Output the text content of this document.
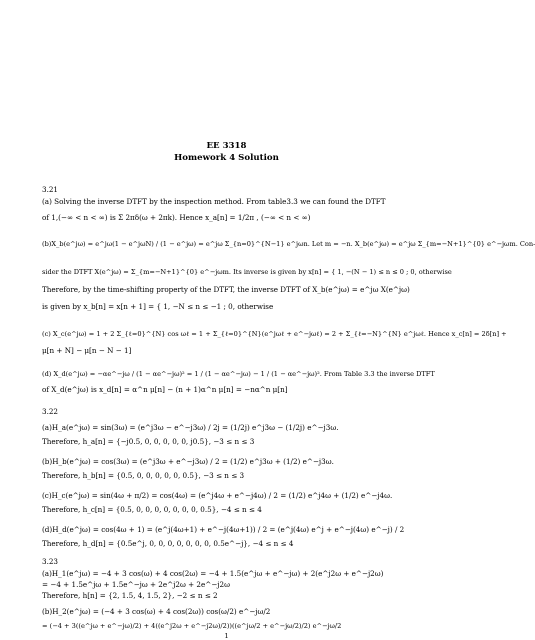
EE 3318
Homework 4 Solution
3.21
(a) Solving the inverse DTFT by the inspection method. From table3.3 we can found the DTFT
of 1,(−∞ < n < ∞) is Σ 2πδ(ω + 2πk). Hence x_a[n] = 1/2π , (−∞ < n < ∞)
(b)X_b(e^jω) = e^jω(1 − e^jωN) / (1 − e^jω) = e^jω Σ_{n=0}^{N−1} e^jωn. Let m = −n. X_b(e^jω) = e^jω Σ_{m=−N+1}^{0} e^−jωm. Con-
sider the DTFT X(e^jω) = Σ_{m=−N+1}^{0} e^−jωm. Its inverse is given by x[n] = { 1, −(N − 1) ≤ n ≤ 0 ; 0, otherwise
Therefore, by the time-shifting property of the DTFT, the inverse DTFT of X_b(e^jω) = e^jω X(e^jω)
is given by x_b[n] = x[n + 1] = { 1, −N ≤ n ≤ −1 ; 0, otherwise
(c) X_c(e^jω) = 1 + 2 Σ_{ℓ=0}^{N} cos ωℓ = 1 + Σ_{ℓ=0}^{N}(e^jωℓ + e^−jωℓ) = 2 + Σ_{ℓ=−N}^{N} e^jωℓ. Hence x_c[n] = 2δ[n] +
μ[n + N] − μ[n − N − 1]
(d) X_d(e^jω) = −αe^−jω / (1 − αe^−jω)² = 1 / (1 − αe^−jω) − 1 / (1 − αe^−jω)². From Table 3.3 the inverse DTFT
of X_d(e^jω) is x_d[n] = α^n μ[n] − (n + 1)α^n μ[n] = −nα^n μ[n]
3.22
(a)H_a(e^jω) = sin(3ω) = (e^j3ω − e^−j3ω) / 2j = (1/2j) e^j3ω − (1/2j) e^−j3ω.
Therefore, h_a[n] = {−j0.5, 0, 0, 0, 0, 0, j0.5}, −3 ≤ n ≤ 3
(b)H_b(e^jω) = cos(3ω) = (e^j3ω + e^−j3ω) / 2 = (1/2) e^j3ω + (1/2) e^−j3ω.
Therefore, h_b[n] = {0.5, 0, 0, 0, 0, 0, 0.5}, −3 ≤ n ≤ 3
(c)H_c(e^jω) = sin(4ω + π/2) = cos(4ω) = (e^j4ω + e^−j4ω) / 2 = (1/2) e^j4ω + (1/2) e^−j4ω.
Therefore, h_c[n] = {0.5, 0, 0, 0, 0, 0, 0, 0, 0.5}, −4 ≤ n ≤ 4
(d)H_d(e^jω) = cos(4ω + 1) = (e^j(4ω+1) + e^−j(4ω+1)) / 2 = (e^j(4ω) e^j + e^−j(4ω) e^−j) / 2
Therefore, h_d[n] = {0.5e^j, 0, 0, 0, 0, 0, 0, 0, 0.5e^−j}, −4 ≤ n ≤ 4
3.23
(a)H_1(e^jω) = −4 + 3 cos(ω) + 4 cos(2ω) = −4 + 1.5(e^jω + e^−jω) + 2(e^j2ω + e^−j2ω)
= −4 + 1.5e^jω + 1.5e^−jω + 2e^j2ω + 2e^−j2ω
Therefore, h[n] = {2, 1.5, 4, 1.5, 2}, −2 ≤ n ≤ 2
(b)H_2(e^jω) = (−4 + 3 cos(ω) + 4 cos(2ω)) cos(ω/2) e^−jω/2
= (−4 + 3((e^jω + e^−jω)/2) + 4((e^j2ω + e^−j2ω)/2))((e^jω/2 + e^−jω/2)/2) e^−jω/2
1
